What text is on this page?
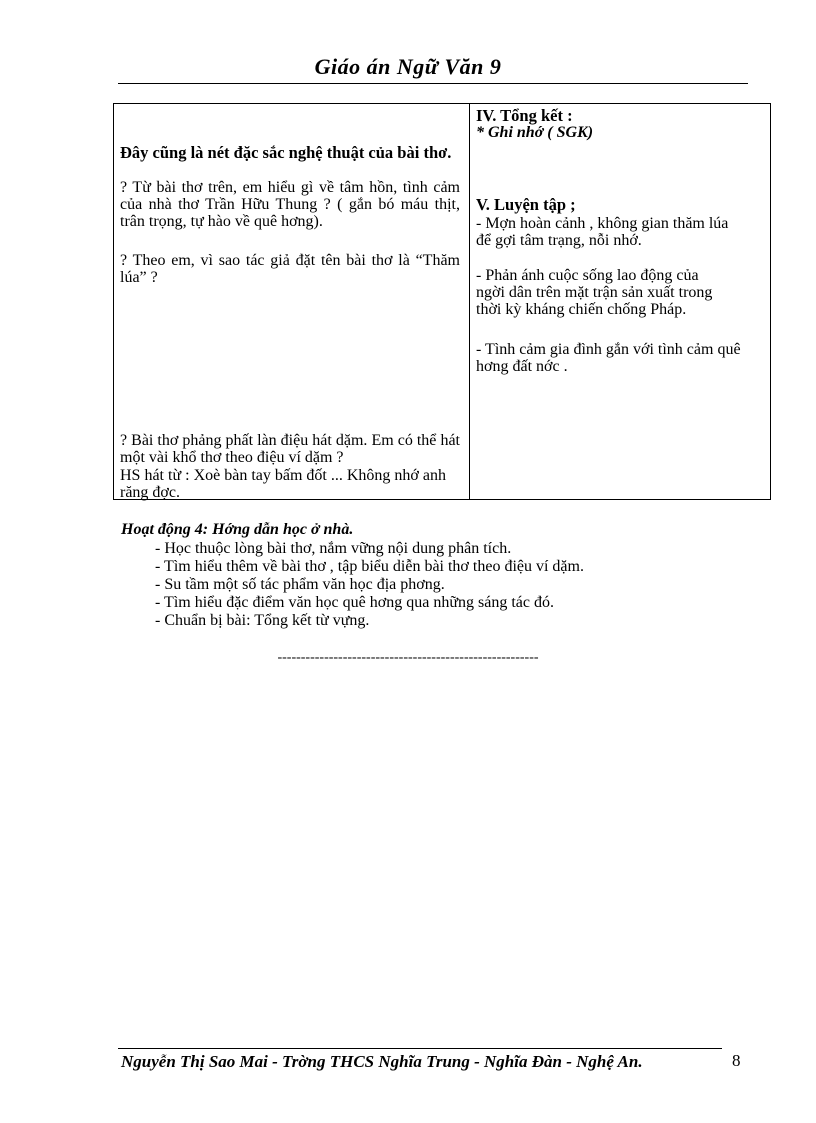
Giáo án Ngữ Văn 9
Đây cũng là nét đặc sắc nghệ thuật của bài thơ.
? Từ bài thơ trên, em hiểu gì về tâm hồn, tình cảm của nhà thơ Trần Hữu Thung ? ( gắn bó máu thịt, trân trọng, tự hào về quê hơng).
? Theo em, vì sao tác giả đặt tên bài thơ là “Thăm lúa” ?
? Bài thơ phảng phất làn điệu hát dặm. Em có thể hát một vài khổ thơ theo điệu ví dặm ?
HS hát từ : Xoè bàn tay bấm đốt ... Không nhớ anh răng đợc.
IV. Tổng kết :
* Ghi nhớ ( SGK)
V. Luyện tập ;
- Mợn hoàn cảnh , không gian thăm lúa để gợi tâm trạng, nỗi nhớ.
- Phản ánh cuộc sống lao động của ngời dân trên mặt trận sản xuất trong thời kỳ kháng chiến chống Pháp.
- Tình cảm gia đình gắn với tình cảm quê hơng đất nớc .
Hoạt động 4: Hớng dẫn học ở nhà.
- Học thuộc lòng bài thơ, nắm vững nội dung phân tích.
- Tìm hiểu thêm về bài thơ , tập biểu diễn bài thơ theo điệu ví dặm.
- Su tầm một số tác phẩm văn học địa phơng.
- Tìm hiểu đặc điểm văn học quê hơng qua những sáng tác đó.
- Chuẩn bị bài: Tổng kết từ vựng.
--------------------------------------------------------
Nguyễn Thị Sao Mai - Trờng THCS Nghĩa Trung - Nghĩa Đàn - Nghệ An.	8
